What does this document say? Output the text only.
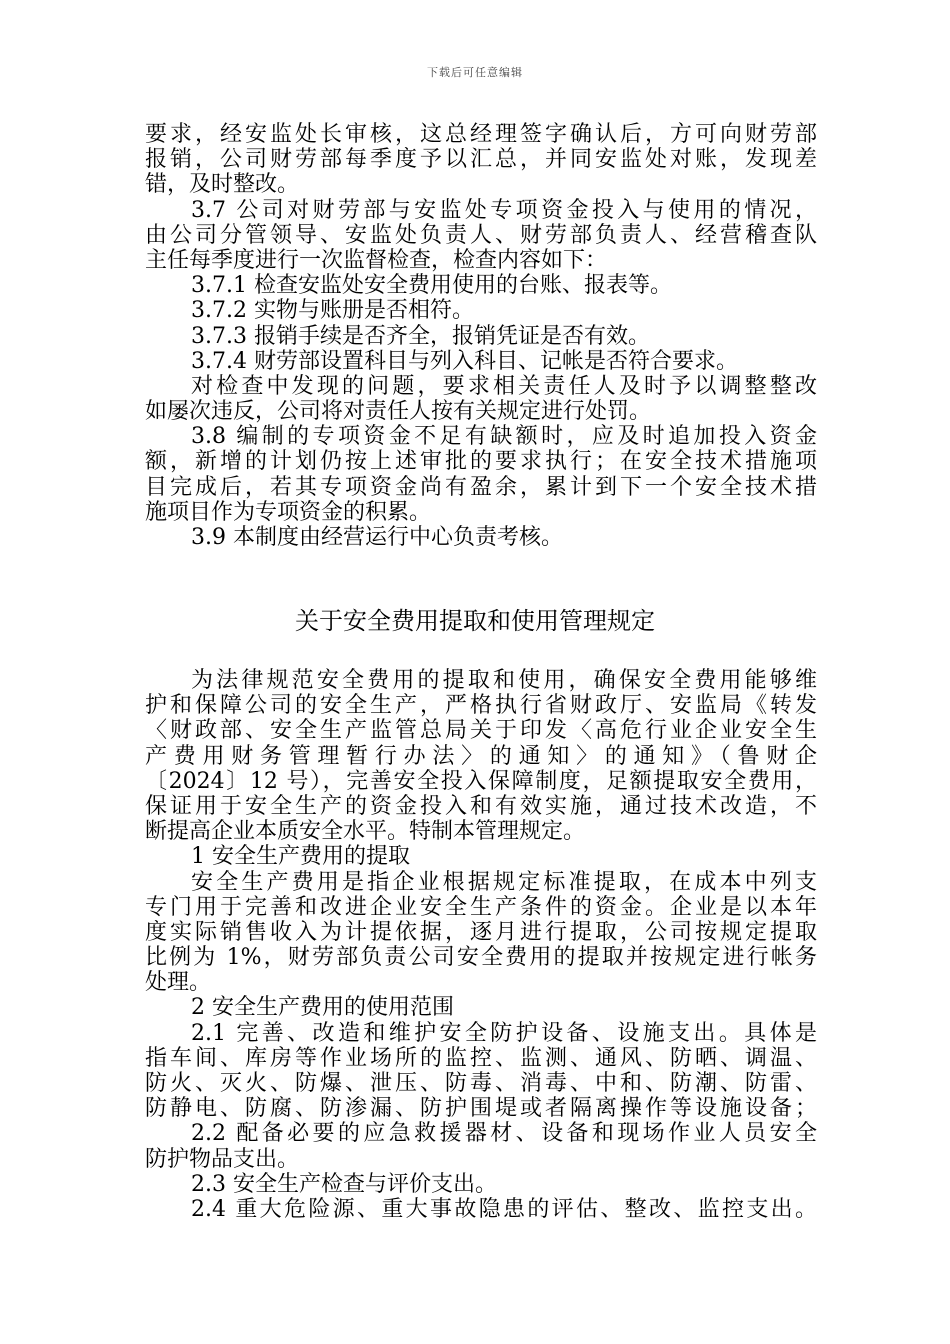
下载后可任意编辑
要求，经安监处长审核，这总经理签字确认后，方可向财劳部
报销，公司财劳部每季度予以汇总，并同安监处对账，发现差
错，及时整改。
3.7 公司对财劳部与安监处专项资金投入与使用的情况，
由公司分管领导、安监处负责人、财劳部负责人、经营稽查队
主任每季度进行一次监督检查，检查内容如下：
3.7.1 检查安监处安全费用使用的台账、报表等。
3.7.2 实物与账册是否相符。
3.7.3 报销手续是否齐全，报销凭证是否有效。
3.7.4 财劳部设置科目与列入科目、记帐是否符合要求。
对检查中发现的问题，要求相关责任人及时予以调整整改
如屡次违反，公司将对责任人按有关规定进行处罚。
3.8 编制的专项资金不足有缺额时，应及时追加投入资金
额，新增的计划仍按上述审批的要求执行；在安全技术措施项
目完成后，若其专项资金尚有盈余，累计到下一个安全技术措
施项目作为专项资金的积累。
3.9 本制度由经营运行中心负责考核。
关于安全费用提取和使用管理规定
为法律规范安全费用的提取和使用，确保安全费用能够维
护和保障公司的安全生产，严格执行省财政厅、安监局《转发
〈财政部、安全生产监管总局关于印发〈高危行业企业安全生
产费用财务管理暂行办法〉的通知〉的通知》（鲁财企
〔2024〕12 号），完善安全投入保障制度，足额提取安全费用，
保证用于安全生产的资金投入和有效实施，通过技术改造，不
断提高企业本质安全水平。特制本管理规定。
1 安全生产费用的提取
安全生产费用是指企业根据规定标准提取，在成本中列支
专门用于完善和改进企业安全生产条件的资金。企业是以本年
度实际销售收入为计提依据，逐月进行提取，公司按规定提取
比例为 1%，财劳部负责公司安全费用的提取并按规定进行帐务
处理。
2 安全生产费用的使用范围
2.1 完善、改造和维护安全防护设备、设施支出。具体是
指车间、库房等作业场所的监控、监测、通风、防晒、调温、
防火、灭火、防爆、泄压、防毒、消毒、中和、防潮、防雷、
防静电、防腐、防渗漏、防护围堤或者隔离操作等设施设备；
2.2 配备必要的应急救援器材、设备和现场作业人员安全
防护物品支出。
2.3 安全生产检查与评价支出。
2.4 重大危险源、重大事故隐患的评估、整改、监控支出。
